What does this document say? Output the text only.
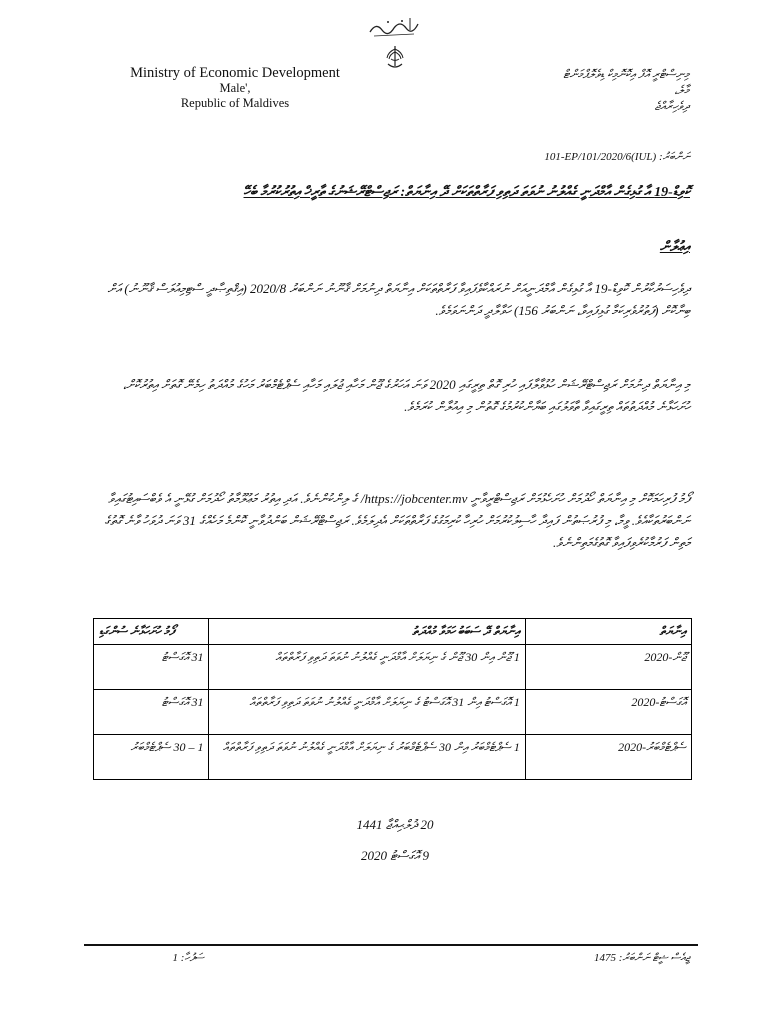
Ministry of Economic Development
Male',
Republic of Maldives
މިނިސްޓްރީ އޮފް އިކޮނޮމިކް ޑިވެލޮޕްމަންޓް
މާލެ،
ދިވެހިރާއްޖެ
ނަންބަރު: (IUL)101-EP/101/2020/6
ކޮވިޑް-19 އާ ގުޅިގެން އާމްދަނީ ގެއްލުނު ނުވަތަ ދަތިވި ފަރާތްތަކަށް ދޭ އިނާޔަތް: ރަޖިސްޓްރޭޝަނުގެ ތާރީޚް އިތުރުކުރުމާ ބެހޭ
އިޢުލާން
ދިވެހިސަރުކާރުން ކޮވިޑް-19 އާ ގުޅިގެން އާމްދަނީއަށް ނުރައްކާވެފައިވާ ފަރާތްތަކަށް އިނާޔަތް ދިނުމަށް ޤާނޫނު ނަންބަރު 2020/8 (އިޤްތިޞާދީ ސްޓިމިއުލަސް ޤާނޫނު) އަށް ބިނާކޮށް (ފަތުރުވެރިކަމާ ގުޅިފައިވާ، ނަންބަރު 156) ހަވާލާދީ ދަންނަވަމެވެ.
މި އިނާޔަތް ދިނުމަށް ރަޖިސްޓްރޭޝަން ހުޅުވާލާފައި ހުރި ގޮތް ތިރީގައި 2020 ވަނަ އަހަރުގެ ޖޫން މަހާއި ޖުލައި މަހާއި ސެޕްޓެމްބަރު މަހުގެ މުއްދަތު ހިމެނޭ ގޮތަށް އިތުރުކޮށް، ހުށަހަޅާނެ މުއްދަތުތައް ތިރީގައިވާ ތާވަލުގައި ބަޔާންކުރުމުގެ ގޮތުން މި އިއުލާން ކުރަމެވެ.
ފޯމު ފުރިހަމަކޮށް މި އިނާޔަތް ހޯދުމަށް ހުށަހެޅުމަށް ރަޖިސްޓްރީވާނީ https://jobcenter.mv/ ގެ ލިންކުންނެވެ. އަދި އިތުރު މަޢުލޫމާތު ހޯދުމަށް ގުޅޭނީ އެ ވެބްސައިޓުގައިވާ ނަންބަރުތަކާއެވެ. ވީމާ، މި ފުރުޞަތުން ފައިދާ ހާސިލުކުރުމަށް ހުރިހާ ކުރިމަގުގެ ފަރާތްތަކަށް އެދިލަމެވެ. ރަޖިސްޓްރޭޝަން ބަންދުވާނީ ކޮންމެ މަހެއްގެ 31 ވަނަ ދުވަހު ވާނެ ގޮތުގެ މަތިން ފަރުމާކުރެވިފައިވާ ގޮތުގެމަތިންނެވެ.
އިނާޔަތް	އިނާޔަތް ދޭ ސަބަބު ހަމަވާ މުއްދަތު	ފޯމު ހުށަހަޅާނެ ސުންގަޑި
ޖޫން-2020	1 ޖޫން އިން 30 ޖޫން ގެ ނިޔަލަށް އާމްދަނީ ގެއްލުނު ނުވަތަ ދަތިވި ފަރާތްތައް	31 އޮގަސްޓު
އޮގަސްޓު-2020	1 އޮގަސްޓު އިން 31 އޮގަސްޓު ގެ ނިޔަލަށް އާމްދަނީ ގެއްލުނު ނުވަތަ ދަތިވި ފަރާތްތައް	31 އޮގަސްޓު
ސެޕްޓެމްބަރު-2020	1 ސެޕްޓެމްބަރު އިން 30 ސެޕްޓެމްބަރު ގެ ނިޔަލަށް އާމްދަނީ ގެއްލުނު ނުވަތަ ދަތިވި ފަރާތްތައް	1 – 30 ސެޕްޓެމްބަރު
20 ޛުލްޙިއްޖާ 1441
9 އޮގަސްޓު 2020
ސަފުހާ: 1	ޖީއެސް ޝީޓް ނަންބަރު: 1475
